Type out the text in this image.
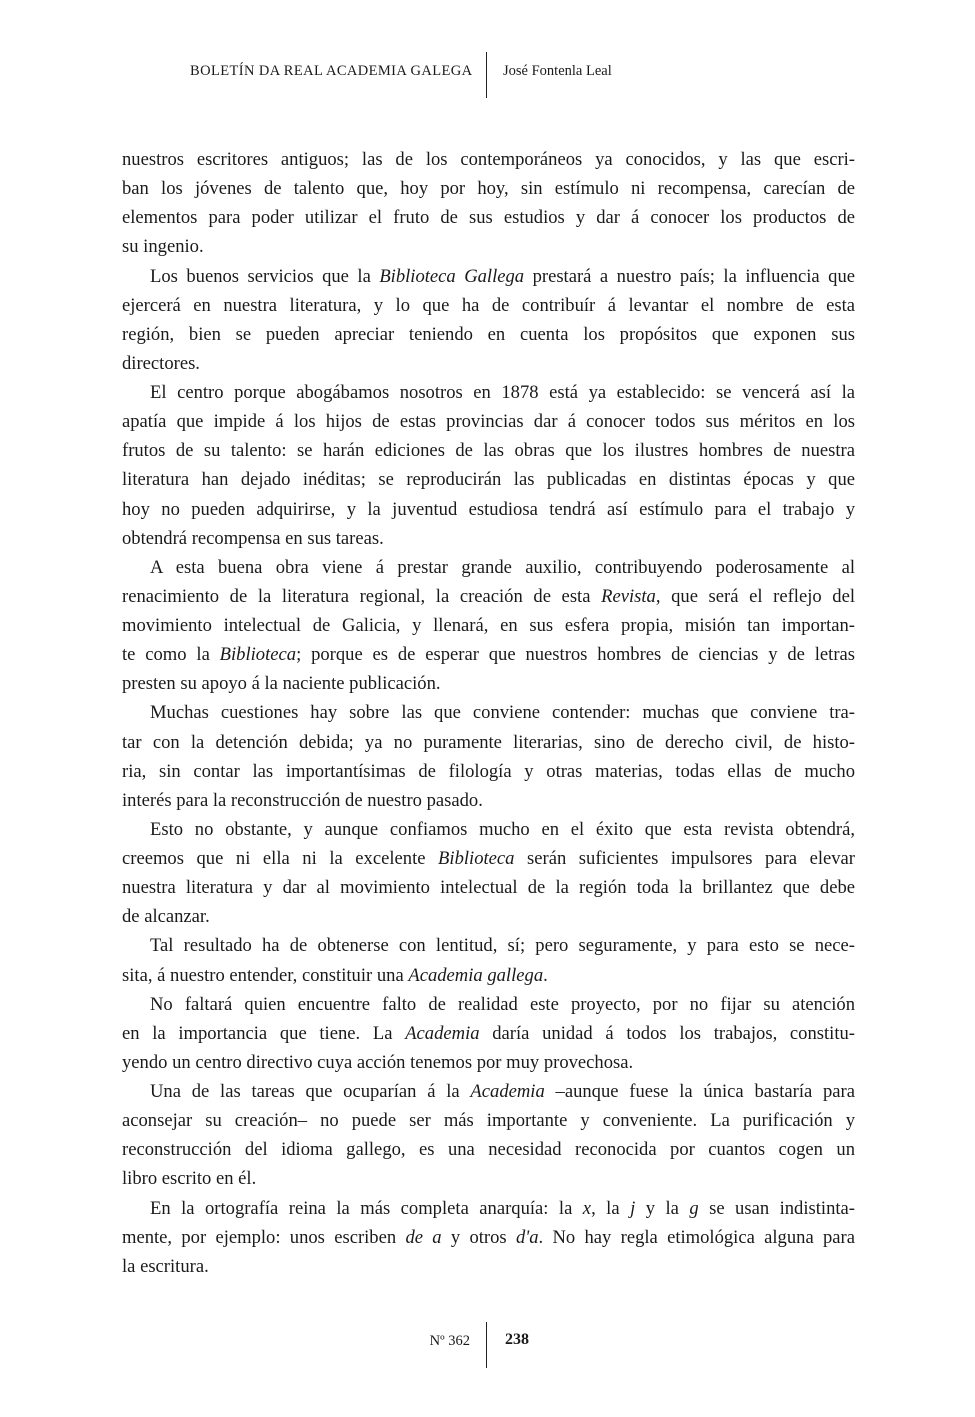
BOLETÍN DA REAL ACADEMIA GALEGA José Fontenla Leal
nuestros escritores antiguos; las de los contemporáneos ya conocidos, y las que escri-
ban los jóvenes de talento que, hoy por hoy, sin estímulo ni recompensa, carecían de
elementos para poder utilizar el fruto de sus estudios y dar á conocer los productos de
su ingenio.
Los buenos servicios que la Biblioteca Gallega prestará a nuestro país; la influencia que
ejercerá en nuestra literatura, y lo que ha de contribuír á levantar el nombre de esta
región, bien se pueden apreciar teniendo en cuenta los propósitos que exponen sus
directores.
El centro porque abogábamos nosotros en 1878 está ya establecido: se vencerá así la
apatía que impide á los hijos de estas provincias dar á conocer todos sus méritos en los
frutos de su talento: se harán ediciones de las obras que los ilustres hombres de nuestra
literatura han dejado inéditas; se reproducirán las publicadas en distintas épocas y que
hoy no pueden adquirirse, y la juventud estudiosa tendrá así estímulo para el trabajo y
obtendrá recompensa en sus tareas.
A esta buena obra viene á prestar grande auxilio, contribuyendo poderosamente al
renacimiento de la literatura regional, la creación de esta Revista, que será el reflejo del
movimiento intelectual de Galicia, y llenará, en sus esfera propia, misión tan importan-
te como la Biblioteca; porque es de esperar que nuestros hombres de ciencias y de letras
presten su apoyo á la naciente publicación.
Muchas cuestiones hay sobre las que conviene contender: muchas que conviene tra-
tar con la detención debida; ya no puramente literarias, sino de derecho civil, de histo-
ria, sin contar las importantísimas de filología y otras materias, todas ellas de mucho
interés para la reconstrucción de nuestro pasado.
Esto no obstante, y aunque confiamos mucho en el éxito que esta revista obtendrá,
creemos que ni ella ni la excelente Biblioteca serán suficientes impulsores para elevar
nuestra literatura y dar al movimiento intelectual de la región toda la brillantez que debe
de alcanzar.
Tal resultado ha de obtenerse con lentitud, sí; pero seguramente, y para esto se nece-
sita, á nuestro entender, constituir una Academia gallega.
No faltará quien encuentre falto de realidad este proyecto, por no fijar su atención
en la importancia que tiene. La Academia daría unidad á todos los trabajos, constitu-
yendo un centro directivo cuya acción tenemos por muy provechosa.
Una de las tareas que ocuparían á la Academia –aunque fuese la única bastaría para
aconsejar su creación– no puede ser más importante y conveniente. La purificación y
reconstrucción del idioma gallego, es una necesidad reconocida por cuantos cogen un
libro escrito en él.
En la ortografía reina la más completa anarquía: la x, la j y la g se usan indistinta-
mente, por ejemplo: unos escriben de a y otros d'a. No hay regla etimológica alguna para
la escritura.
Nº 362 238
